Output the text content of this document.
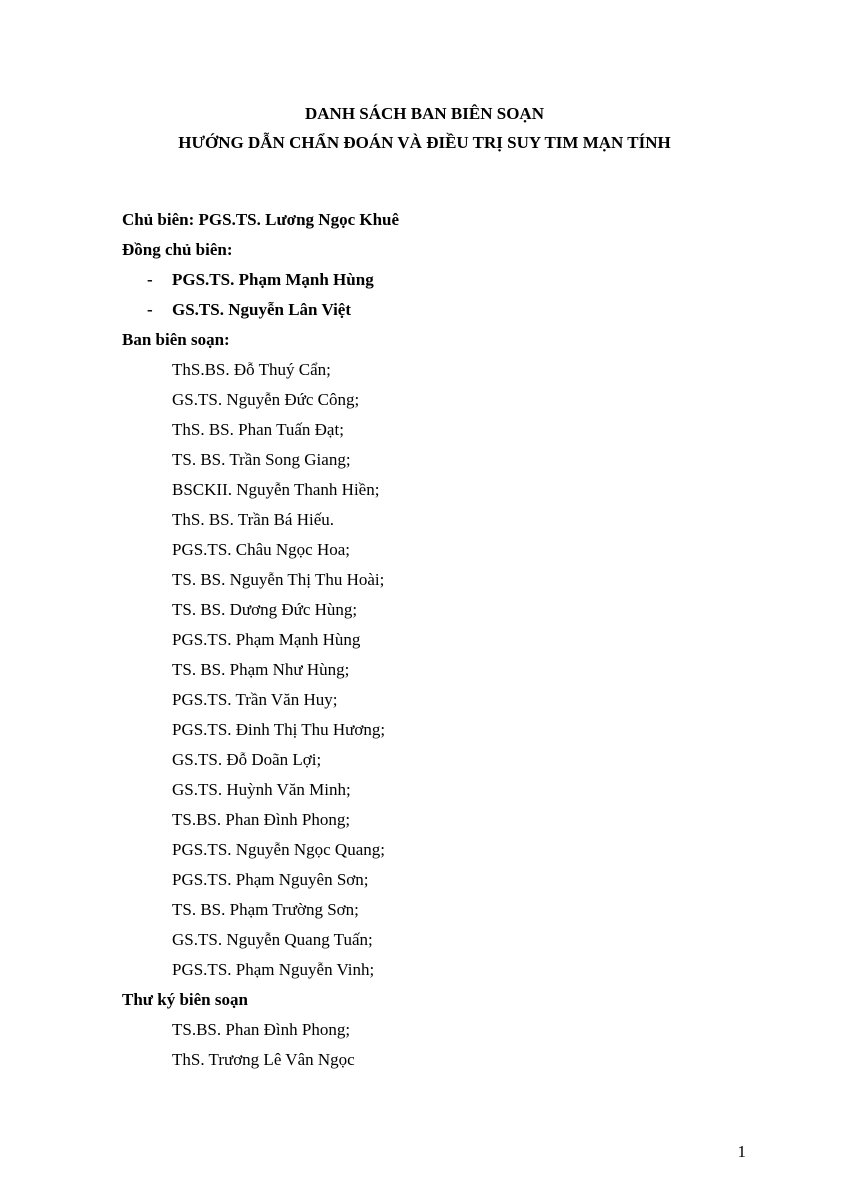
DANH SÁCH BAN BIÊN SOẠN
HƯỚNG DẪN CHẨN ĐOÁN VÀ ĐIỀU TRỊ SUY TIM MẠN TÍNH
Chủ biên: PGS.TS. Lương Ngọc Khuê
Đồng chủ biên:
-	PGS.TS. Phạm Mạnh Hùng
-	GS.TS. Nguyễn Lân Việt
Ban biên soạn:
ThS.BS. Đỗ Thuý Cẩn;
GS.TS. Nguyễn Đức Công;
ThS. BS. Phan Tuấn Đạt;
TS. BS. Trần Song Giang;
BSCKII. Nguyễn Thanh Hiền;
ThS. BS. Trần Bá Hiếu.
PGS.TS. Châu Ngọc Hoa;
TS. BS. Nguyễn Thị Thu Hoài;
TS. BS. Dương Đức Hùng;
PGS.TS. Phạm Mạnh Hùng
TS. BS. Phạm Như Hùng;
PGS.TS. Trần Văn Huy;
PGS.TS. Đinh Thị Thu Hương;
GS.TS. Đỗ Doãn Lợi;
GS.TS. Huỳnh Văn Minh;
TS.BS. Phan Đình Phong;
PGS.TS. Nguyễn Ngọc Quang;
PGS.TS. Phạm Nguyên Sơn;
TS. BS. Phạm Trường Sơn;
GS.TS. Nguyễn Quang Tuấn;
PGS.TS. Phạm Nguyễn Vinh;
Thư ký biên soạn
TS.BS. Phan Đình Phong;
ThS. Trương Lê Vân Ngọc
1
